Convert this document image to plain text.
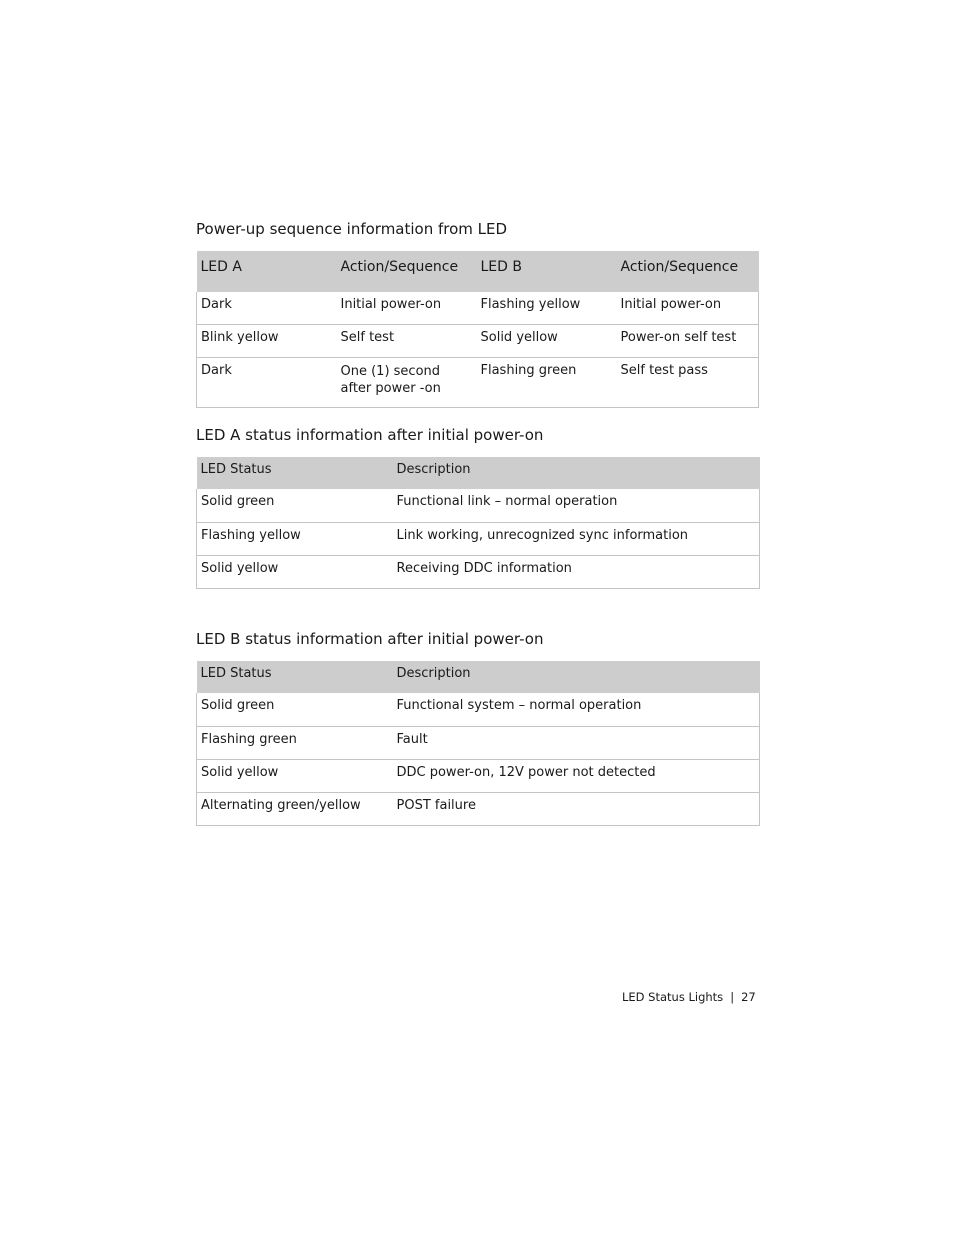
Power-up sequence information from LED
LED A	Action/Sequence	LED B	Action/Sequence
Dark	Initial power-on	Flashing yellow	Initial power-on
Blink yellow	Self test	Solid yellow	Power-on self test
Dark	One (1) second after power -on	Flashing green	Self test pass
LED A status information after initial power-on
LED Status	Description
Solid green	Functional link – normal operation
Flashing yellow	Link working, unrecognized sync information
Solid yellow	Receiving DDC information
LED B status information after initial power-on
LED Status	Description
Solid green	Functional system – normal operation
Flashing green	Fault
Solid yellow	DDC power-on, 12V power not detected
Alternating green/yellow	POST failure
LED Status Lights | 27
